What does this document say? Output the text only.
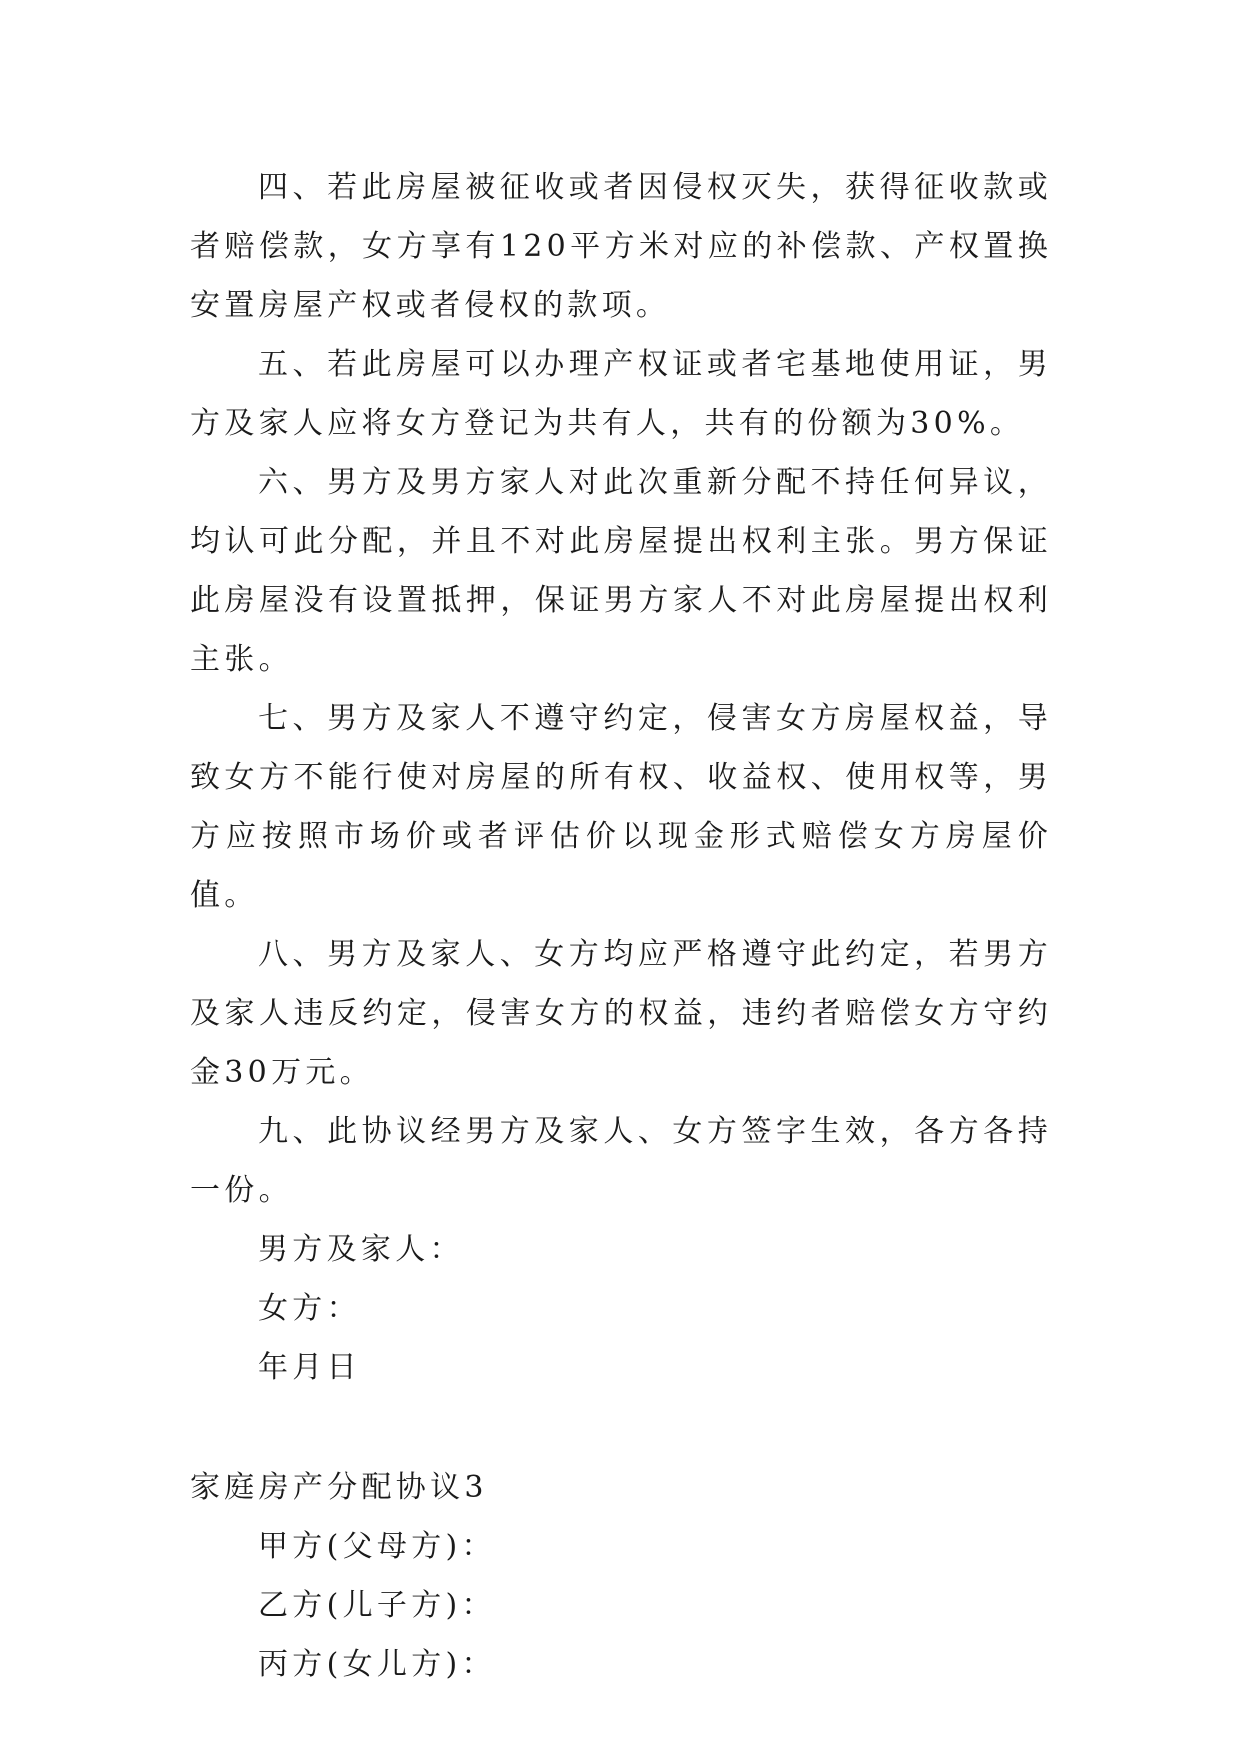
四、若此房屋被征收或者因侵权灭失，获得征收款或者赔偿款，女方享有120平方米对应的补偿款、产权置换安置房屋产权或者侵权的款项。

五、若此房屋可以办理产权证或者宅基地使用证，男方及家人应将女方登记为共有人，共有的份额为30%。

六、男方及男方家人对此次重新分配不持任何异议，均认可此分配，并且不对此房屋提出权利主张。男方保证此房屋没有设置抵押，保证男方家人不对此房屋提出权利主张。

七、男方及家人不遵守约定，侵害女方房屋权益，导致女方不能行使对房屋的所有权、收益权、使用权等，男方应按照市场价或者评估价以现金形式赔偿女方房屋价值。

八、男方及家人、女方均应严格遵守此约定，若男方及家人违反约定，侵害女方的权益，违约者赔偿女方守约金30万元。

九、此协议经男方及家人、女方签字生效，各方各持一份。

男方及家人：

女方：

年月日

家庭房产分配协议3

甲方(父母方)：

乙方(儿子方)：

丙方(女儿方)：
